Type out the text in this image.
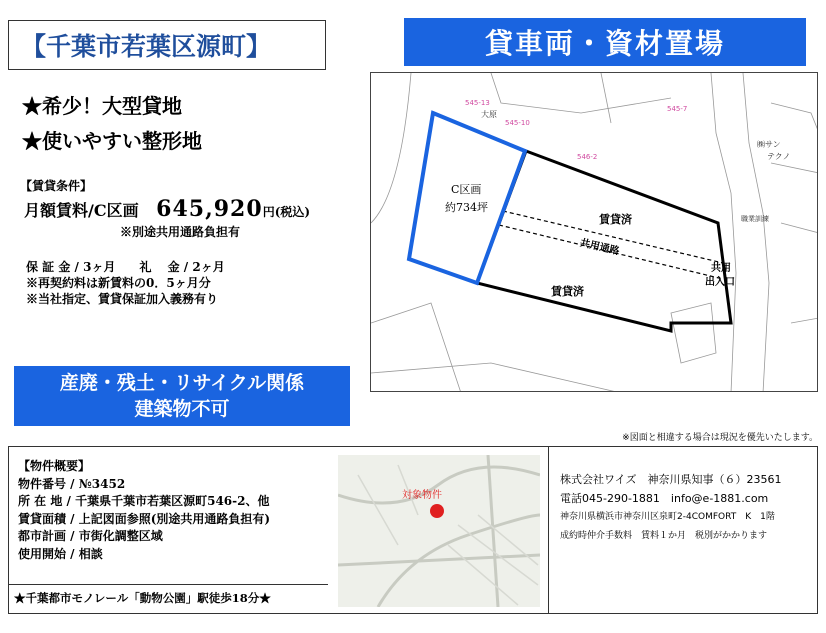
【千葉市若葉区源町】	貸車両・資材置場
★希少！大型貸地
★使いやすい整形地
【賃貸条件】
月額賃料/C区画 645,920円(税込)
※別途共用通路負担有
保 証 金 / 3ヶ月　　礼　 金 / 2ヶ月
※再契約料は新賃料の0．5ヶ月分
※当社指定、賃貸保証加入義務有り
産廃・残土・リサイクル関係
建築物不可
545-13
545-10
545-7
546-2
大原
㈱サン
テクノ
職業訓練
C区画
約734坪
賃貸済
賃貸済
共用通路
共用
出入口
※図面と相違する場合は現況を優先いたします。
【物件概要】
物件番号 / №3452
所 在 地 / 千葉県千葉市若葉区源町546-2、他
賃貸面積 / 上記図面参照(別途共用通路負担有)
都市計画 / 市街化調整区域
使用開始 / 相談
★千葉都市モノレール「動物公園」駅徒歩18分★
対象物件
株式会社ワイズ　神奈川県知事（６）23561
電話045-290-1881　info@e-1881.com
神奈川県横浜市神奈川区泉町2-4COMFORT　K　1階
成約時仲介手数料　賃料１か月　税別がかかります
